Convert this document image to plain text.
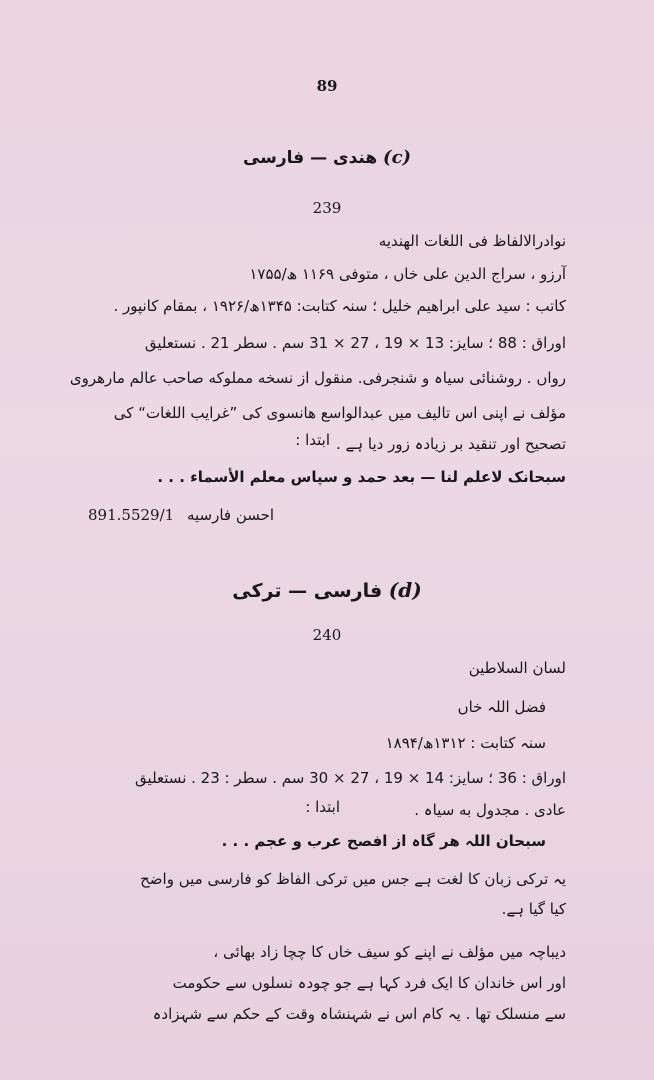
89
ھندی — فارسی (c)
239
نوادرالالفاظ فی اللغات الهندیه
آرزو ، سراج الدین علی خاں ، متوفی ۱۱۶۹ ھ/۱۷۵۵
کاتب : سید علی ابراهیم خلیل ؛ سنہ کتابت: ۱۳۴۵ھ/۱۹۲۶ ، بمقام کانپور .
اوراق : 88 ؛ سایز: 13 × 19 ، 27 × 31 سم . سطر 21 . نستعلیق
رواں . روشنائی سیاہ و شنجرفی. منقول از نسخه مملوکه صاحب عالم مارهروی
مؤلف نے اپنی اس تالیف میں عبدالواسع هانسوی کی ”غرایب اللغات“ کی
تصحیح اور تنقید بر زیادہ زور دیا ہے .
ابتدا :
سبحانک لاعلم لنا — بعد حمد و سپاس معلم الأسماء . . .
891.5529/1 احسن فارسیه
فارسی — ترکی (d)
240
لسان السلاطین
فضل اللہ خاں
سنہ کتابت : ۱۳۱۲ھ/۱۸۹۴
اوراق : 36 ؛ سایز: 14 × 19 ، 27 × 30 سم . سطر : 23 . نستعلیق
عادی . مجدول به سیاہ .
ابتدا :
سبحان اللہ هر گاہ از افصح عرب و عجم . . .
یہ ترکی زبان کا لغت ہے جس میں ترکی الفاظ کو فارسی میں واضح
کیا گیا ہے.
دیباچہ میں مؤلف نے اپنے کو سیف خاں کا چچا زاد بھائی ،
اور اس خاندان کا ایک فرد کہا ہے جو چودہ نسلوں سے حکومت
سے منسلک تھا . یہ کام اس نے شہنشاہ وقت کے حکم سے شہزادہ
